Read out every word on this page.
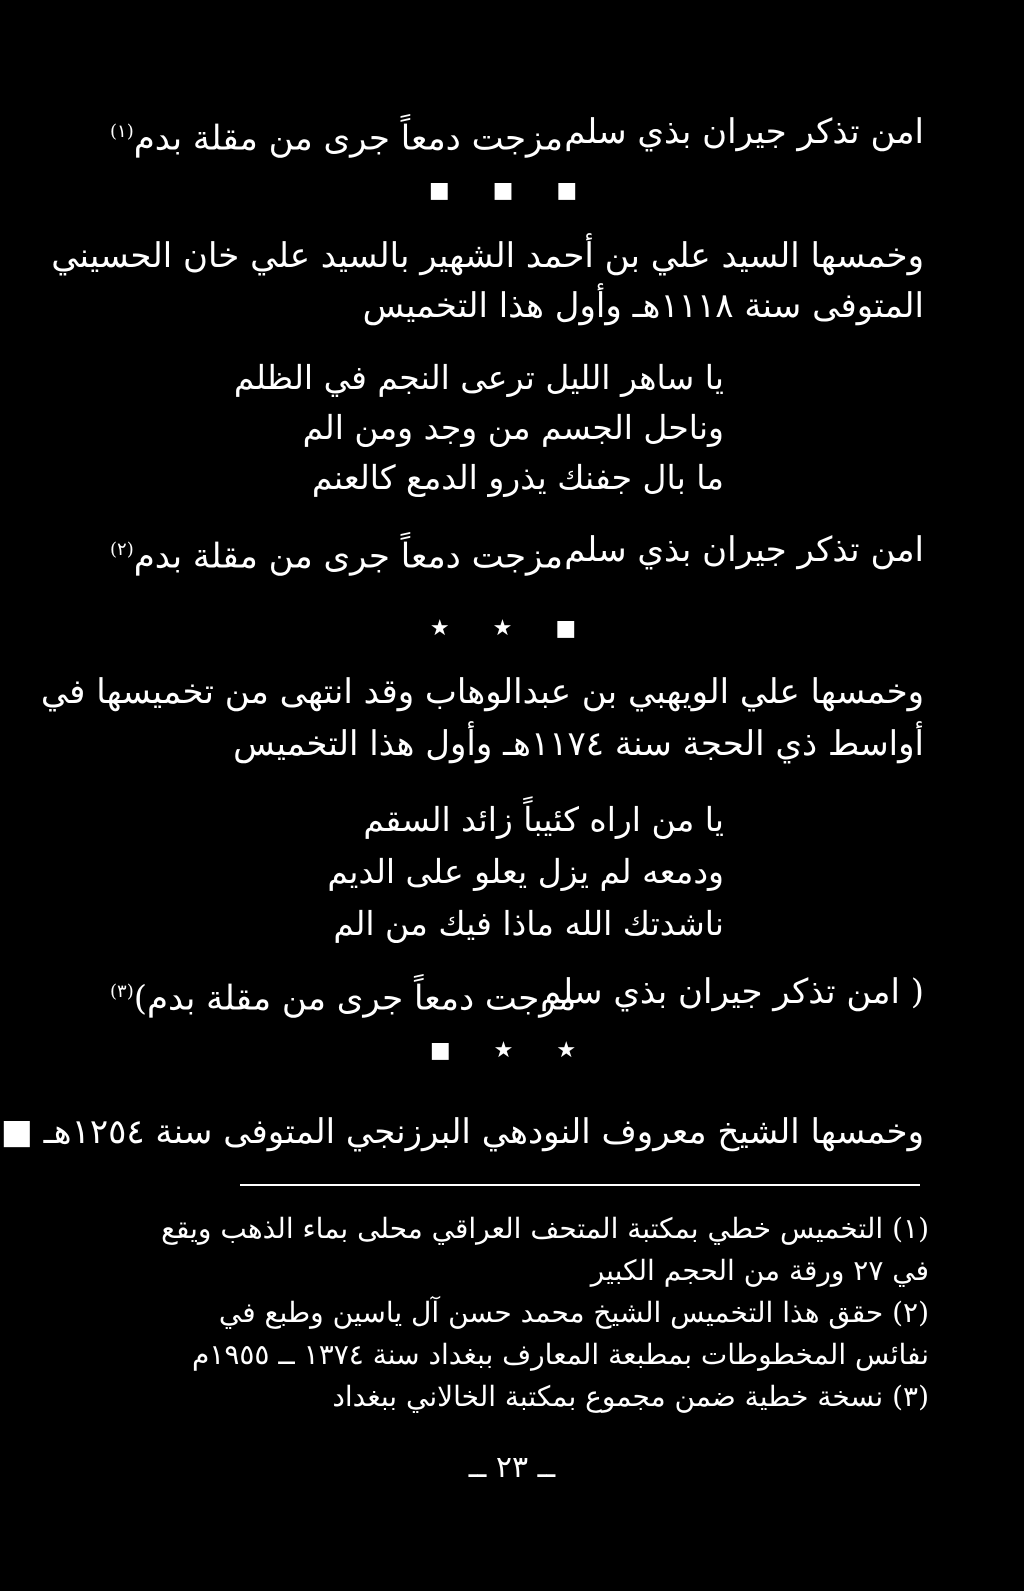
امن تذكر جيران بذي سلم
مزجت دمعاً جرى من مقلة بدم$^{(١)}$
■ ■ ■
وخمسها السيد علي بن أحمد الشهير بالسيد علي خان الحسيني
المتوفى سنة ١١١٨هـ وأول هذا التخميس
يا ساهر الليل ترعى النجم في الظلم
وناحل الجسم من وجد ومن الم
ما بال جفنك يذرو الدمع كالعنم
امن تذكر جيران بذي سلم
مزجت دمعاً جرى من مقلة بدم$^{(٢)}$
★ ★ ■
وخمسها علي الويهبي بن عبدالوهاب وقد انتهى من تخميسها في
أواسط ذي الحجة سنة ١١٧٤هـ وأول هذا التخميس
يا من اراه كئيباً زائد السقم
ودمعه لم يزل يعلو على الديم
ناشدتك الله ماذا فيك من الم
( امن تذكر جيران بذي سلم
مزجت دمعاً جرى من مقلة بدم)$^{(٣)}$
■ ★ ★
وخمسها الشيخ معروف النودهي البرزنجي المتوفى سنة ١٢٥٤هـ ■
(١) التخميس خطي بمكتبة المتحف العراقي محلى بماء الذهب ويقع
في ٢٧ ورقة من الحجم الكبير
(٢) حقق هذا التخميس الشيخ محمد حسن آل ياسين وطبع في
نفائس المخطوطات بمطبعة المعارف ببغداد سنة ١٣٧٤ ــ ١٩٥٥م
(٣) نسخة خطية ضمن مجموع بمكتبة الخالاني ببغداد
ــ ٢٣ ــ
